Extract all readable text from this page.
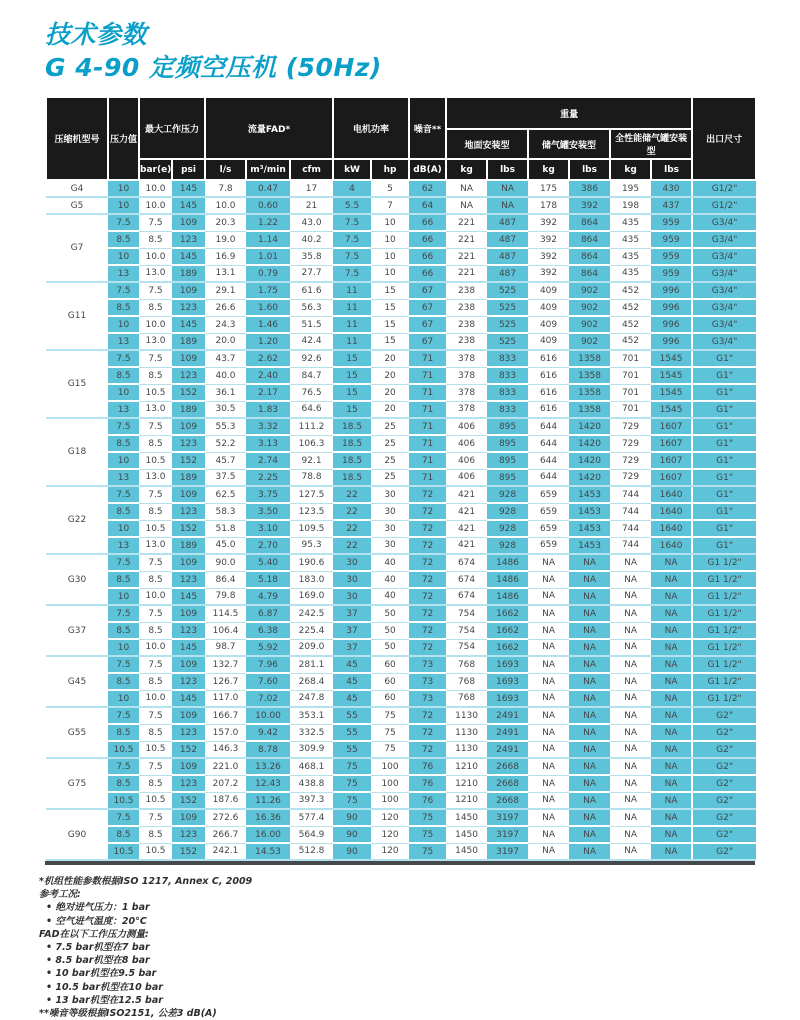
技术参数
G 4-90 定频空压机 (50Hz)
压缩机型号	压力值	最大工作压力		流量FAD*			电机功率		噪音**	重量						出口尺寸
										地面安装型		储气罐安装型		全性能储气罐安装型		
		bar(e)	psi	l/s	m³/min	cfm	kW	hp	dB(A)	kg	lbs	kg	lbs	kg	lbs	
G4	10	10.0	145	7.8	0.47	17	4	5	62	NA	NA	175	386	195	430	G1/2"
G5	10	10.0	145	10.0	0.60	21	5.5	7	64	NA	NA	178	392	198	437	G1/2"
G7	7.5	7.5	109	20.3	1.22	43.0	7.5	10	66	221	487	392	864	435	959	G3/4"
	8.5	8.5	123	19.0	1.14	40.2	7.5	10	66	221	487	392	864	435	959	G3/4"
	10	10.0	145	16.9	1.01	35.8	7.5	10	66	221	487	392	864	435	959	G3/4"
	13	13.0	189	13.1	0.79	27.7	7.5	10	66	221	487	392	864	435	959	G3/4"
G11	7.5	7.5	109	29.1	1.75	61.6	11	15	67	238	525	409	902	452	996	G3/4"
	8.5	8.5	123	26.6	1.60	56.3	11	15	67	238	525	409	902	452	996	G3/4"
	10	10.0	145	24.3	1.46	51.5	11	15	67	238	525	409	902	452	996	G3/4"
	13	13.0	189	20.0	1.20	42.4	11	15	67	238	525	409	902	452	996	G3/4"
G15	7.5	7.5	109	43.7	2.62	92.6	15	20	71	378	833	616	1358	701	1545	G1"
	8.5	8.5	123	40.0	2.40	84.7	15	20	71	378	833	616	1358	701	1545	G1"
	10	10.5	152	36.1	2.17	76.5	15	20	71	378	833	616	1358	701	1545	G1"
	13	13.0	189	30.5	1.83	64.6	15	20	71	378	833	616	1358	701	1545	G1"
G18	7.5	7.5	109	55.3	3.32	111.2	18.5	25	71	406	895	644	1420	729	1607	G1"
	8.5	8.5	123	52.2	3.13	106.3	18.5	25	71	406	895	644	1420	729	1607	G1"
	10	10.5	152	45.7	2.74	92.1	18.5	25	71	406	895	644	1420	729	1607	G1"
	13	13.0	189	37.5	2.25	78.8	18.5	25	71	406	895	644	1420	729	1607	G1"
G22	7.5	7.5	109	62.5	3.75	127.5	22	30	72	421	928	659	1453	744	1640	G1"
	8.5	8.5	123	58.3	3.50	123.5	22	30	72	421	928	659	1453	744	1640	G1"
	10	10.5	152	51.8	3.10	109.5	22	30	72	421	928	659	1453	744	1640	G1"
	13	13.0	189	45.0	2.70	95.3	22	30	72	421	928	659	1453	744	1640	G1"
G30	7.5	7.5	109	90.0	5.40	190.6	30	40	72	674	1486	NA	NA	NA	NA	G1 1/2"
	8.5	8.5	123	86.4	5.18	183.0	30	40	72	674	1486	NA	NA	NA	NA	G1 1/2"
	10	10.0	145	79.8	4.79	169.0	30	40	72	674	1486	NA	NA	NA	NA	G1 1/2"
G37	7.5	7.5	109	114.5	6.87	242.5	37	50	72	754	1662	NA	NA	NA	NA	G1 1/2"
	8.5	8.5	123	106.4	6.38	225.4	37	50	72	754	1662	NA	NA	NA	NA	G1 1/2"
	10	10.0	145	98.7	5.92	209.0	37	50	72	754	1662	NA	NA	NA	NA	G1 1/2"
G45	7.5	7.5	109	132.7	7.96	281.1	45	60	73	768	1693	NA	NA	NA	NA	G1 1/2"
	8.5	8.5	123	126.7	7.60	268.4	45	60	73	768	1693	NA	NA	NA	NA	G1 1/2"
	10	10.0	145	117.0	7.02	247.8	45	60	73	768	1693	NA	NA	NA	NA	G1 1/2"
G55	7.5	7.5	109	166.7	10.00	353.1	55	75	72	1130	2491	NA	NA	NA	NA	G2"
	8.5	8.5	123	157.0	9.42	332.5	55	75	72	1130	2491	NA	NA	NA	NA	G2"
	10.5	10.5	152	146.3	8.78	309.9	55	75	72	1130	2491	NA	NA	NA	NA	G2"
G75	7.5	7.5	109	221.0	13.26	468.1	75	100	76	1210	2668	NA	NA	NA	NA	G2"
	8.5	8.5	123	207.2	12.43	438.8	75	100	76	1210	2668	NA	NA	NA	NA	G2"
	10.5	10.5	152	187.6	11.26	397.3	75	100	76	1210	2668	NA	NA	NA	NA	G2"
G90	7.5	7.5	109	272.6	16.36	577.4	90	120	75	1450	3197	NA	NA	NA	NA	G2"
	8.5	8.5	123	266.7	16.00	564.9	90	120	75	1450	3197	NA	NA	NA	NA	G2"
	10.5	10.5	152	242.1	14.53	512.8	90	120	75	1450	3197	NA	NA	NA	NA	G2"
*机组性能参数根据ISO 1217, Annex C, 2009
参考工况:
• 绝对进气压力：1 bar
• 空气进气温度：20°C
FAD在以下工作压力测量:
• 7.5 bar机型在7 bar
• 8.5 bar机型在8 bar
• 10 bar机型在9.5 bar
• 10.5 bar机型在10 bar
• 13 bar机型在12.5 bar
**噪音等级根据ISO2151, 公差3 dB(A)
